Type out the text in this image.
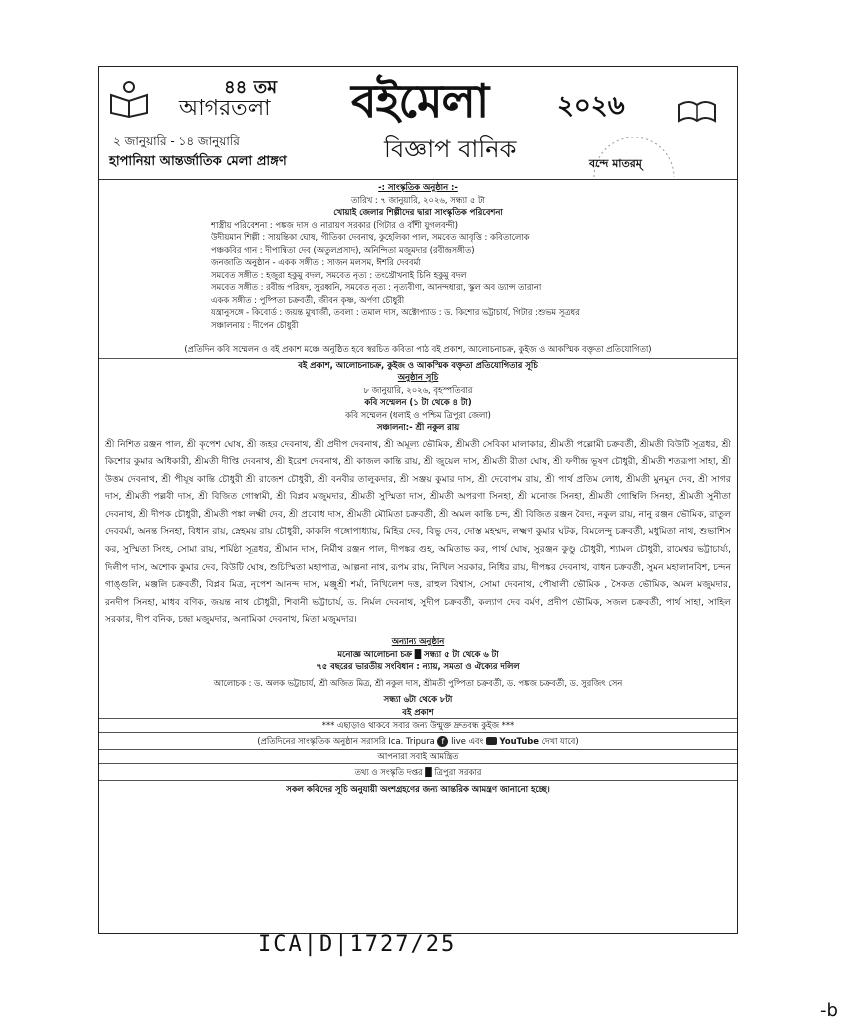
৪৪ তম
আগরতলা
২ জানুয়ারি - ১৪ জানুয়ারি
হাপানিয়া আন্তর্জাতিক মেলা প্রাঙ্গণ
বইমেলা	২০২৬
বিজ্ঞাপ বানিক
বন্দে মাতরম্
-: সাংস্কৃতিক অনুষ্ঠান :-
তারিখ : ৭ জানুয়ারি, ২০২৬, সন্ধ্যা ৫ টা
খোয়াই জেলার শিল্পীদের দ্বারা সাংস্কৃতিক পরিবেশনা
শাস্ত্রীয় পরিবেশনা : পঙ্কজ দাস ও নারায়ণ সরকার (গিটার ও বাঁশী যুগলবন্দী)
উদীয়মান শিল্পী : সায়ন্তিকা ঘোষ, গীতিকা দেবনাথ, কুহেলিকা পাল, সমবেত আবৃত্তি : কবিতালোক
পঞ্চকবির গান : দীপান্বিতা দেব (অতুলপ্রসাদ), অনিন্দিতা মজুমদার (রবীন্দ্রসঙ্গীত)
জনজাতি অনুষ্ঠান - একক সঙ্গীত : সাজন মলসম, ঈশরি দেববর্মা
সমবেত সঙ্গীত : হজুরা হকুমু বদল, সমবেত নৃত্য : তংখ্রৌখনাই চিনি হকুমু বদল
সমবেত সঙ্গীত : রবীন্দ্র পরিষদ, সুরধ্বনি, সমবেত নৃত্য : নৃত্যবীণা, আনন্দধারা, স্কুল অব ড্যান্স তারানা
একক সঙ্গীত : পুষ্পিতা চক্রবর্তী, জীবন কৃষ্ণ, অর্পণা চৌধুরী
যন্ত্রানুসঙ্গে - কিবোর্ড : জয়ন্ত মুখার্জী, তবলা : তমাল দাস, অক্টোপ্যাড : ড. কিশোর ভট্টাচার্য, গিটার :শুভম সূত্রধর
সঞ্চালনায় : দীপেন চৌধুরী
(প্রতিদিন কবি সম্মেলন ও বই প্রকাশ মঞ্চে অনুষ্ঠিত হবে স্বরচিত কবিতা পাঠ বই প্রকাশ, আলোচনাচক্র, কুইজ ও আকস্মিক বক্তৃতা প্রতিযোগিতা)
বই প্রকাশ, আলোচনাচক্র, কুইজ ও আকস্মিক বক্তৃতা প্রতিযোগিতার সূচি
অনুষ্ঠান সূচি
৮ জানুয়ারি, ২০২৬, বৃহস্পতিবার
কবি সম্মেলন (১ টা থেকে ৪ টা)
কবি সম্মেলন (ধলাই ও পশ্চিম ত্রিপুরা জেলা)
সঞ্চালনা:- শ্রী নকুল রায়
শ্রী নিশিত রঞ্জন পাল, শ্রী কৃপেশ ঘোষ, শ্রী জহর দেবনাথ, শ্রী প্রদীপ দেবনাথ, শ্রী অমূল্য ভৌমিক, শ্রীমতী সেবিকা মালাকার, শ্রীমতী পল্লোমী চক্রবর্তী, শ্রীমতী বিউটি সূত্রধর, শ্রী কিশোর কুমার অধিকারী, শ্রীমতী দীপ্তি দেবনাথ, শ্রী ইরেশ দেবনাথ, শ্রী কাজল কান্তি রায়, শ্রী জুয়েল দাস, শ্রীমতী রীতা ঘোষ, শ্রী ফণীন্দ্র ভূষণ চৌধুরী, শ্রীমতী শতরূপা সাহা, শ্রী উত্তম দেবনাথ, শ্রী পীযূষ কান্তি চৌধুরী শ্রী রাজেশ চৌধুরী, শ্রী বনবীর তালুকদার, শ্রী সঞ্জয় কুমার দাস, শ্রী দেবোপম রায়, শ্রী পার্থ প্রতিম লোধ, শ্রীমতী মুনমুন দেব, শ্রী সাগর দাস, শ্রীমতী পল্লবী দাস, শ্রী বিজিত গোস্বামী, শ্রী বিপ্লব মজুমদার, শ্রীমতী সুস্মিতা দাস, শ্রীমতী অপরণা সিনহা, শ্রী মনোজ সিনহা, শ্রীমতী গোম্বিলি সিনহা, শ্রীমতী সুনীতা দেবনাথ, শ্রী দীপক চৌধুরী, শ্রীমতী পঙ্কা লক্ষ্মী দেব, শ্রী প্রবোধ দাস, শ্রীমতী মৌমিতা চক্রবর্তী, শ্রী অমল কান্তি চন্দ, শ্রী বিজিত রঞ্জন বৈদ্য, নকুল রায়, নানু রঞ্জন ভৌমিক, রাতুল দেববর্মা, অনন্ত সিনহা, বিধান রায়, স্নেহময় রায় চৌধুরী, কাকলি গঙ্গোপাধ্যায়, মিহির দেব, বিভু দেব, দোস্ত মহম্মদ, লক্ষ্মণ কুমার ঘটক, বিমলেন্দু চক্রবর্তী, মধুমিতা নাথ, শুভাশিস কর, সুস্মিতা সিংহ, সোমা রায়, শর্মিষ্ঠা সূত্রধর, শ্রীমান দাস, নির্মীথ রঞ্জন পাল, দীপঙ্কর গুহ, অমিতাভ কর, পার্থ ঘোষ, সুরঞ্জন কুণ্ডু চৌধুরী, শ্যামল চৌধুরী, রামেশ্বর ভট্টাচার্য্য, দিলীপ দাস, অশোক কুমার দেব, বিউটি ঘোষ, শুচিস্মিতা মহাপাত্র, আল্পনা নাথ, রূপম রায়, নিখিল সরকার, নিধির রায়, দীপঙ্কর দেবনাথ, বাধন চক্রবর্তী, সুমন মহালানবিশ, চন্দন গাঙ্গুলি, মঞ্জলি চক্রবর্তী, বিপ্লব মিত্র, নৃপেশ আনন্দ দাস, মঞ্জুশ্রী শর্মা, নিখিলেশ দত্ত, রাহুল বিশ্বাস, সোমা দেবনাথ, পৌষালী ভৌমিক , সৈকত ভৌমিক, অমল মজুমদার, রনদীপ সিনহা, মাধব বণিক, জয়ন্ত নাথ চৌধুরী, শিবানী ভট্টাচার্য, ড. নির্মল দেবনাথ, সুদীপ চক্রবর্তী, কল্যাণ দেব বর্মণ, প্রদীপ ভৌমিক, সজল চক্রবর্তী, পার্থ সাহা, সাহিল সরকার, দীপ বনিক, চন্দ্রা মজুমদার, অনামিকা দেবনাথ, মিতা মজুমদার।
অন্যান্য অনুষ্ঠান
মনোজ্ঞ আলোচনা চক্র █ সন্ধ্যা ৫ টা থেকে ৬ টা
৭৫ বছরের ভারতীয় সংবিধান : ন্যায়, সমতা ও ঐক্যের দলিল
আলোচক : ড. অলক ভট্টাচার্য, শ্রী অজিত মিত্র, শ্রী নকুল দাস, শ্রীমতী পুষ্পিতা চক্রবর্তী, ড. পঙ্কজ চক্রবর্তী, ড. সুরজিৎ সেন
সন্ধ্যা ৬টা থেকে ৮টা
বই প্রকাশ
*** এছাড়াও থাকবে সবার জন্য উন্মুক্ত দ্রুতবন্ধ কুইজ ***
(প্রতিদিনের সাংস্কৃতিক অনুষ্ঠান সরাসরি Ica. Tripura f live এবং YouTube দেখা যাবে)
আপনারা সবাই আমন্ত্রিত
তথ্য ও সংস্কৃতি দপ্তর █ ত্রিপুরা সরকার
সকল কবিদের সূচি অনুযায়ী অংশগ্রহণের জন্য আন্তরিক আমন্ত্রণ জানানো হচ্ছে।
ICA|D|1727/25
-b
